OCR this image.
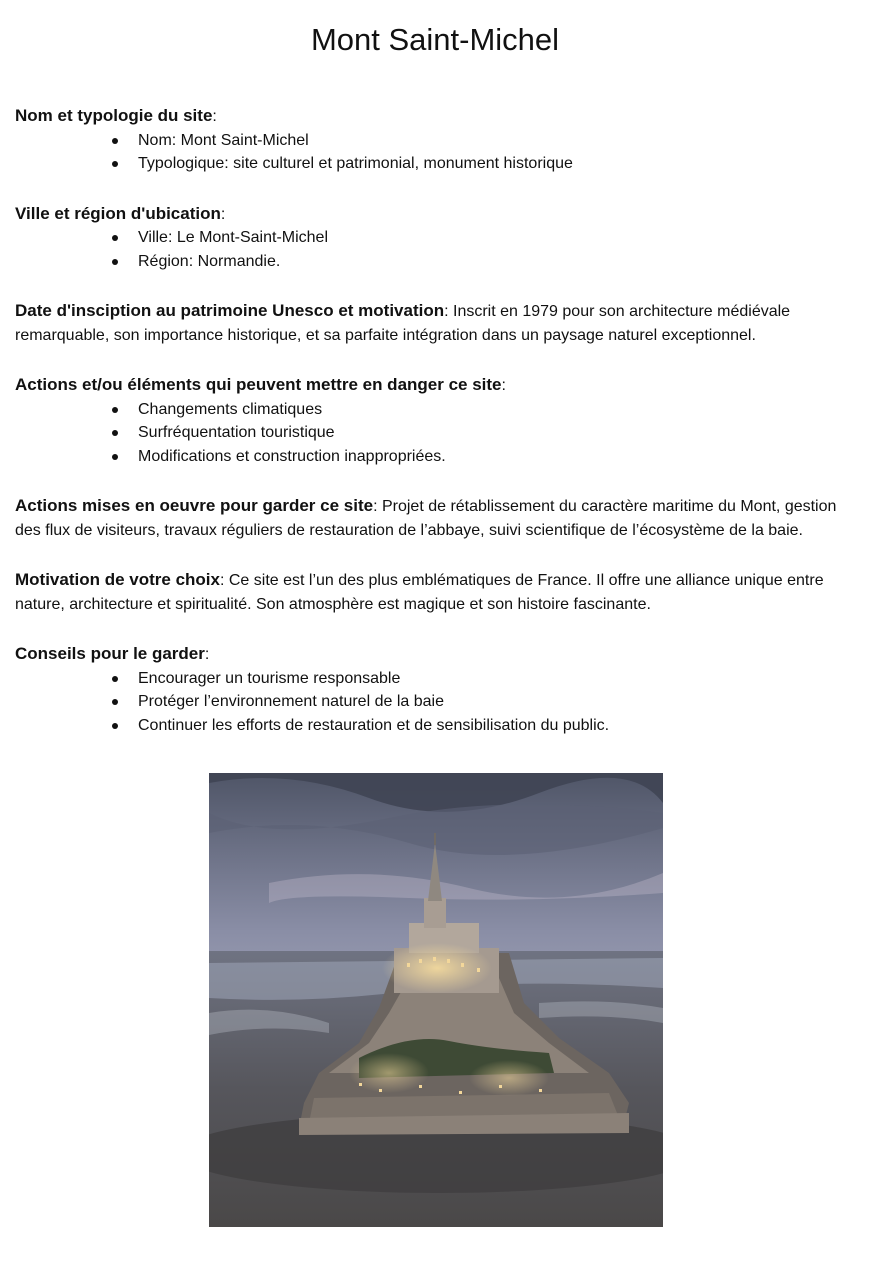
Mont Saint-Michel

Nom et typologie du site:

Nom: Mont Saint-Michel
Typologique: site culturel et patrimonial, monument historique

Ville et région d'ubication:

Ville: Le Mont-Saint-Michel
Région: Normandie.

Date d'insciption au patrimoine Unesco et motivation: Inscrit en 1979 pour son architecture médiévale remarquable, son importance historique, et sa parfaite intégration dans un paysage naturel exceptionnel.

Actions et/ou éléments qui peuvent mettre en danger ce site:

Changements climatiques
Surfréquentation touristique
Modifications et construction inappropriées.

Actions mises en oeuvre pour garder ce site: Projet de rétablissement du caractère maritime du Mont, gestion des flux de visiteurs, travaux réguliers de restauration de l’abbaye, suivi scientifique de l’écosystème de la baie.

Motivation de votre choix: Ce site est l’un des plus emblématiques de France. Il offre une alliance unique entre nature, architecture et spiritualité. Son atmosphère est magique et son histoire fascinante.

Conseils pour le garder:

Encourager un tourisme responsable
Protéger l’environnement naturel de la baie
Continuer les efforts de restauration et de sensibilisation du public.
